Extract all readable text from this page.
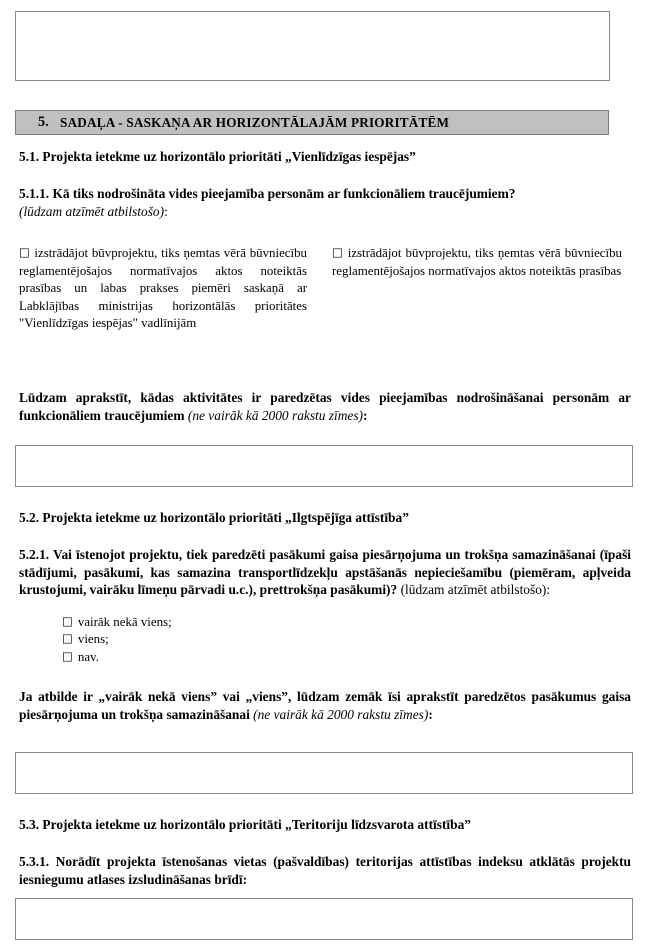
5. SADAĻA - SASKAŅA AR HORIZONTĀLAJĀM PRIORITĀTĒM
5.1. Projekta ietekme uz horizontālo prioritāti „Vienlīdzīgas iespējas”
5.1.1. Kā tiks nodrošināta vides pieejamība personām ar funkcionāliem traucējumiem?
(lūdzam atzīmēt atbilstošo):
□ izstrādājot būvprojektu, tiks ņemtas vērā būvniecību reglamentējošajos normatīvajos aktos noteiktās prasības un labas prakses piemēri saskaņā ar Labklājības ministrijas horizontālās prioritātes "Vienlīdzīgas iespējas" vadlīnijām
□ izstrādājot būvprojektu, tiks ņemtas vērā būvniecību reglamentējošajos normatīvajos aktos noteiktās prasības
Lūdzam aprakstīt, kādas aktivitātes ir paredzētas vides pieejamības nodrošināšanai personām ar funkcionāliem traucējumiem (ne vairāk kā 2000 rakstu zīmes):
5.2. Projekta ietekme uz horizontālo prioritāti „Ilgtspējīga attīstība”
5.2.1. Vai īstenojot projektu, tiek paredzēti pasākumi gaisa piesārņojuma un trokšņa samazināšanai (īpaši stādījumi, pasākumi, kas samazina transportlīdzekļu apstāšanās nepieciešamību (piemēram, apļveida krustojumi, vairāku līmeņu pārvadi u.c.), prettrokšņa pasākumi)? (lūdzam atzīmēt atbilstošo):
□ vairāk nekā viens;
□ viens;
□ nav.
Ja atbilde ir „vairāk nekā viens” vai „viens”, lūdzam zemāk īsi aprakstīt paredzētos pasākumus gaisa piesārņojuma un trokšņa samazināšanai (ne vairāk kā 2000 rakstu zīmes):
5.3. Projekta ietekme uz horizontālo prioritāti „Teritoriju līdzsvarota attīstība”
5.3.1. Norādīt projekta īstenošanas vietas (pašvaldības) teritorijas attīstības indeksu atklātās projektu iesniegumu atlases izsludināšanas brīdī:
